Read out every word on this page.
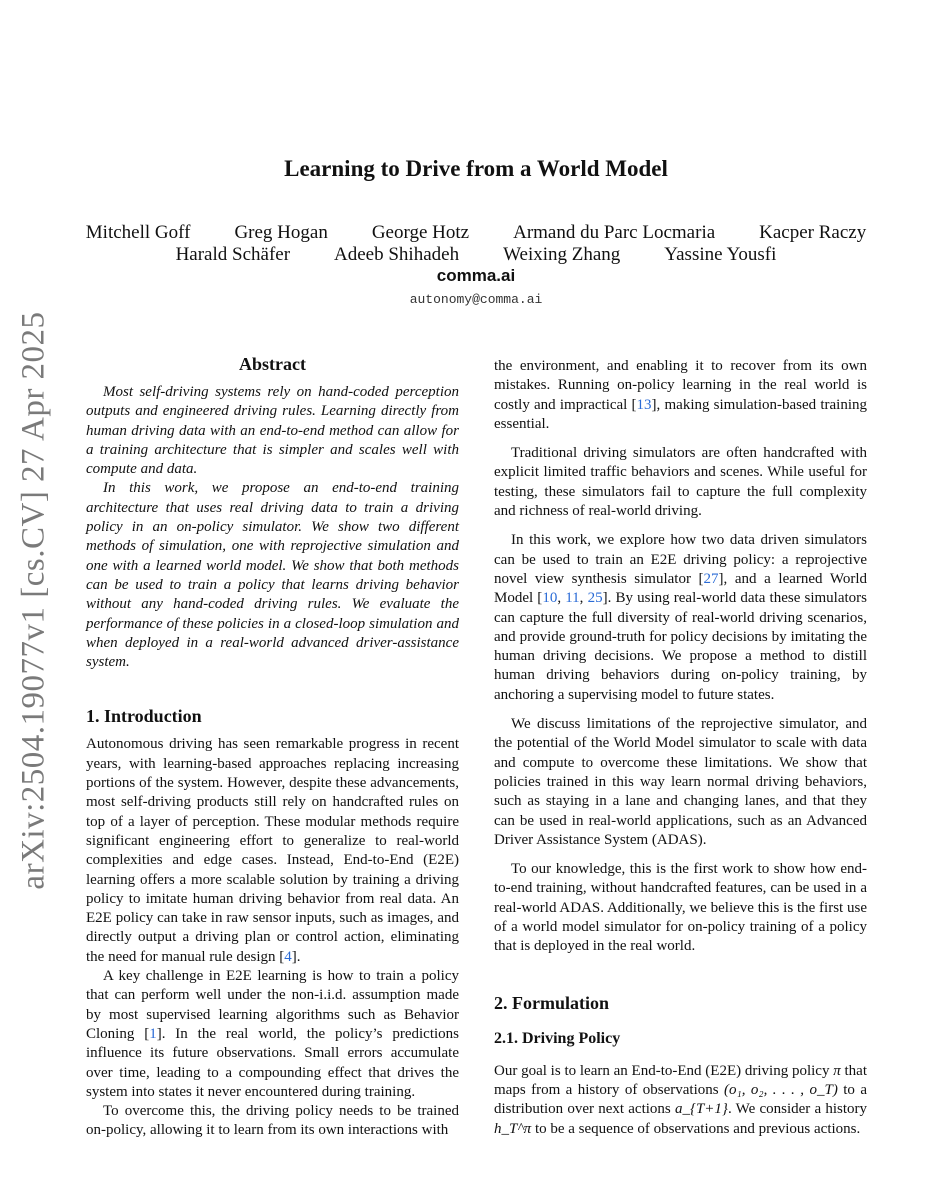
arXiv:2504.19077v1 [cs.CV] 27 Apr 2025
Learning to Drive from a World Model
Mitchell Goff Greg Hogan George Hotz Armand du Parc Locmaria Kacper Raczy
Harald Schäfer Adeeb Shihadeh Weixing Zhang Yassine Yousfi
comma.ai
autonomy@comma.ai
Abstract

Most self-driving systems rely on hand-coded perception outputs and engineered driving rules. Learning directly from human driving data with an end-to-end method can allow for a training architecture that is simpler and scales well with compute and data.

In this work, we propose an end-to-end training architecture that uses real driving data to train a driving policy in an on-policy simulator. We show two different methods of simulation, one with reprojective simulation and one with a learned world model. We show that both methods can be used to train a policy that learns driving behavior without any hand-coded driving rules. We evaluate the performance of these policies in a closed-loop simulation and when deployed in a real-world advanced driver-assistance system.

1. Introduction

Autonomous driving has seen remarkable progress in recent years, with learning-based approaches replacing increasing portions of the system. However, despite these advancements, most self-driving products still rely on handcrafted rules on top of a layer of perception. These modular methods require significant engineering effort to generalize to real-world complexities and edge cases. Instead, End-to-End (E2E) learning offers a more scalable solution by training a driving policy to imitate human driving behavior from real data. An E2E policy can take in raw sensor inputs, such as images, and directly output a driving plan or control action, eliminating the need for manual rule design [4].

A key challenge in E2E learning is how to train a policy that can perform well under the non-i.i.d. assumption made by most supervised learning algorithms such as Behavior Cloning [1]. In the real world, the policy’s predictions influence its future observations. Small errors accumulate over time, leading to a compounding effect that drives the system into states it never encountered during training.

To overcome this, the driving policy needs to be trained on-policy, allowing it to learn from its own interactions with

the environment, and enabling it to recover from its own mistakes. Running on-policy learning in the real world is costly and impractical [13], making simulation-based training essential.

Traditional driving simulators are often handcrafted with explicit limited traffic behaviors and scenes. While useful for testing, these simulators fail to capture the full complexity and richness of real-world driving.

In this work, we explore how two data driven simulators can be used to train an E2E driving policy: a reprojective novel view synthesis simulator [27], and a learned World Model [10, 11, 25]. By using real-world data these simulators can capture the full diversity of real-world driving scenarios, and provide ground-truth for policy decisions by imitating the human driving decisions. We propose a method to distill human driving behaviors during on-policy training, by anchoring a supervising model to future states.

We discuss limitations of the reprojective simulator, and the potential of the World Model simulator to scale with data and compute to overcome these limitations. We show that policies trained in this way learn normal driving behaviors, such as staying in a lane and changing lanes, and that they can be used in real-world applications, such as an Advanced Driver Assistance System (ADAS).

To our knowledge, this is the first work to show how end-to-end training, without handcrafted features, can be used in a real-world ADAS. Additionally, we believe this is the first use of a world model simulator for on-policy training of a policy that is deployed in the real world.

2. Formulation
2.1. Driving Policy

Our goal is to learn an End-to-End (E2E) driving policy π that maps from a history of observations (o₁, o₂, . . . , o_T) to a distribution over next actions a_{T+1}. We consider a history h_T^π to be a sequence of observations and previous actions.
